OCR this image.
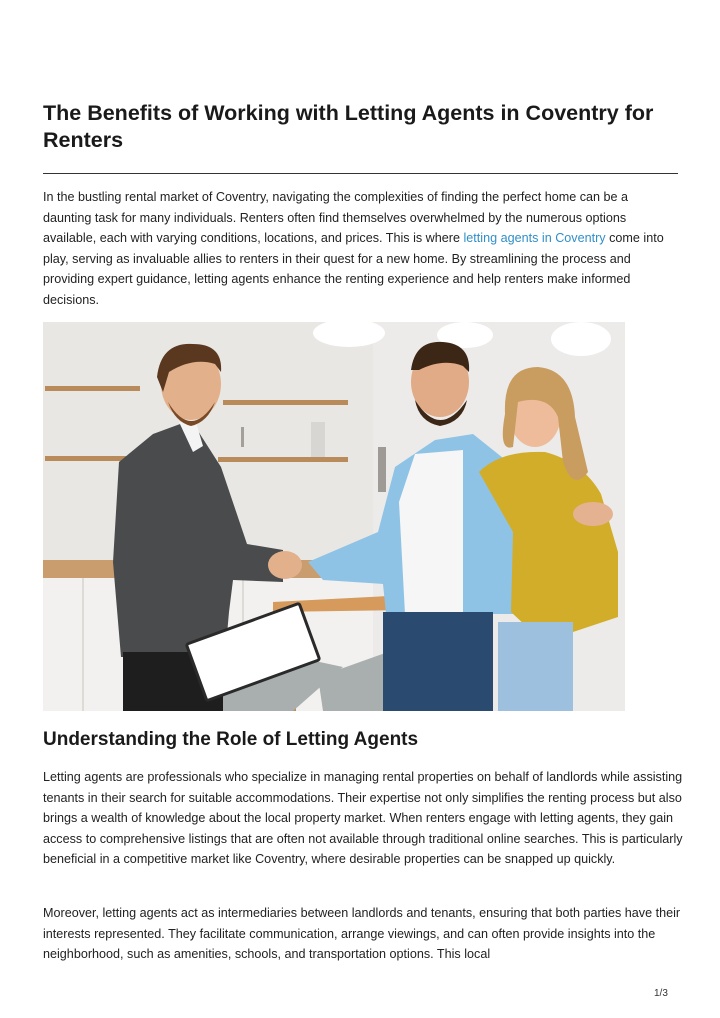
The Benefits of Working with Letting Agents in Coventry for Renters

In the bustling rental market of Coventry, navigating the complexities of finding the perfect home can be a daunting task for many individuals. Renters often find themselves overwhelmed by the numerous options available, each with varying conditions, locations, and prices. This is where letting agents in Coventry come into play, serving as invaluable allies to renters in their quest for a new home. By streamlining the process and providing expert guidance, letting agents enhance the renting experience and help renters make informed decisions.

Understanding the Role of Letting Agents

Letting agents are professionals who specialize in managing rental properties on behalf of landlords while assisting tenants in their search for suitable accommodations. Their expertise not only simplifies the renting process but also brings a wealth of knowledge about the local property market. When renters engage with letting agents, they gain access to comprehensive listings that are often not available through traditional online searches. This is particularly beneficial in a competitive market like Coventry, where desirable properties can be snapped up quickly.

Moreover, letting agents act as intermediaries between landlords and tenants, ensuring that both parties have their interests represented. They facilitate communication, arrange viewings, and can often provide insights into the neighborhood, such as amenities, schools, and transportation options. This local

1/3
